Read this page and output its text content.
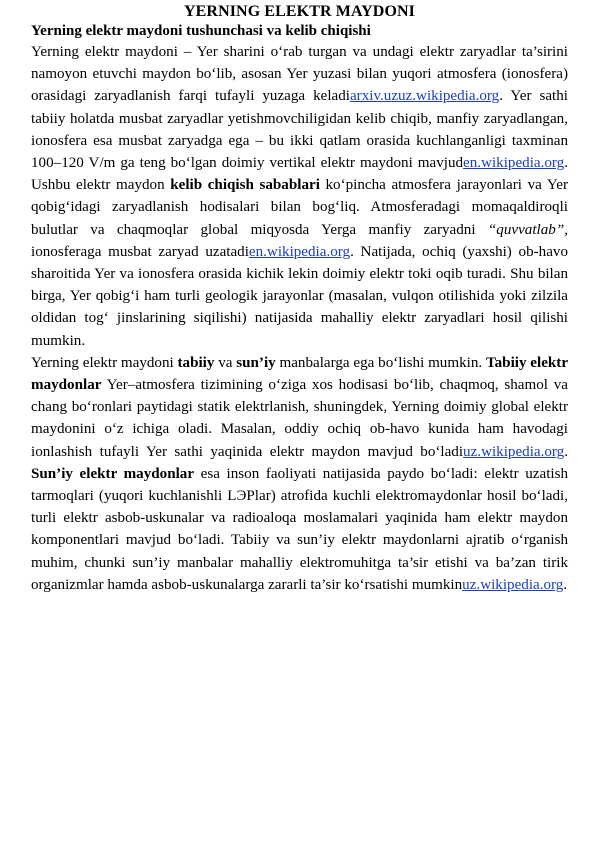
YERNING ELEKTR MAYDONI
Yerning elektr maydoni tushunchasi va kelib chiqishi

Yerning elektr maydoni – Yer sharini o‘rab turgan va undagi elektr zaryadlar ta’sirini namoyon etuvchi maydon bo‘lib, asosan Yer yuzasi bilan yuqori atmosfera (ionosfera) orasidagi zaryadlanish farqi tufayli yuzaga keladiarxiv.uzuz.wikipedia.org. Yer sathi tabiiy holatda musbat zaryadlar yetishmovchiligidan kelib chiqib, manfiy zaryadlangan, ionosfera esa musbat zaryadga ega – bu ikki qatlam orasida kuchlanganligi taxminan 100–120 V/m ga teng bo‘lgan doimiy vertikal elektr maydoni mavjuden.wikipedia.org. Ushbu elektr maydon kelib chiqish sabablari ko‘pincha atmosfera jarayonlari va Yer qobig‘idagi zaryadlanish hodisalari bilan bog‘liq. Atmosferadagi momaqaldiroqli bulutlar va chaqmoqlar global miqyosda Yerga manfiy zaryadni “quvvatlab”, ionosferaga musbat zaryad uzatadien.wikipedia.org. Natijada, ochiq (yaxshi) ob-havo sharoitida Yer va ionosfera orasida kichik lekin doimiy elektr toki oqib turadi. Shu bilan birga, Yer qobig‘i ham turli geologik jarayonlar (masalan, vulqon otilishida yoki zilzila oldidan tog‘ jinslarining siqilishi) natijasida mahalliy elektr zaryadlari hosil qilishi mumkin.

Yerning elektr maydoni tabiiy va sun’iy manbalarga ega bo‘lishi mumkin. Tabiiy elektr maydonlar Yer–atmosfera tizimining o‘ziga xos hodisasi bo‘lib, chaqmoq, shamol va chang bo‘ronlari paytidagi statik elektrlanish, shuningdek, Yerning doimiy global elektr maydonini o‘z ichiga oladi. Masalan, oddiy ochiq ob-havo kunida ham havodagi ionlashish tufayli Yer sathi yaqinida elektr maydon mavjud bo‘ladiuz.wikipedia.org. Sun’iy elektr maydonlar esa inson faoliyati natijasida paydo bo‘ladi: elektr uzatish tarmoqlari (yuqori kuchlanishli LЭPlar) atrofida kuchli elektromaydonlar hosil bo‘ladi, turli elektr asbob-uskunalar va radioaloqa moslamalari yaqinida ham elektr maydon komponentlari mavjud bo‘ladi. Tabiiy va sun’iy elektr maydonlarni ajratib o‘rganish muhim, chunki sun’iy manbalar mahalliy elektromuhitga ta’sir etishi va ba’zan tirik organizmlar hamda asbob-uskunalarga zararli ta’sir ko‘rsatishi mumkinuz.wikipedia.org.
